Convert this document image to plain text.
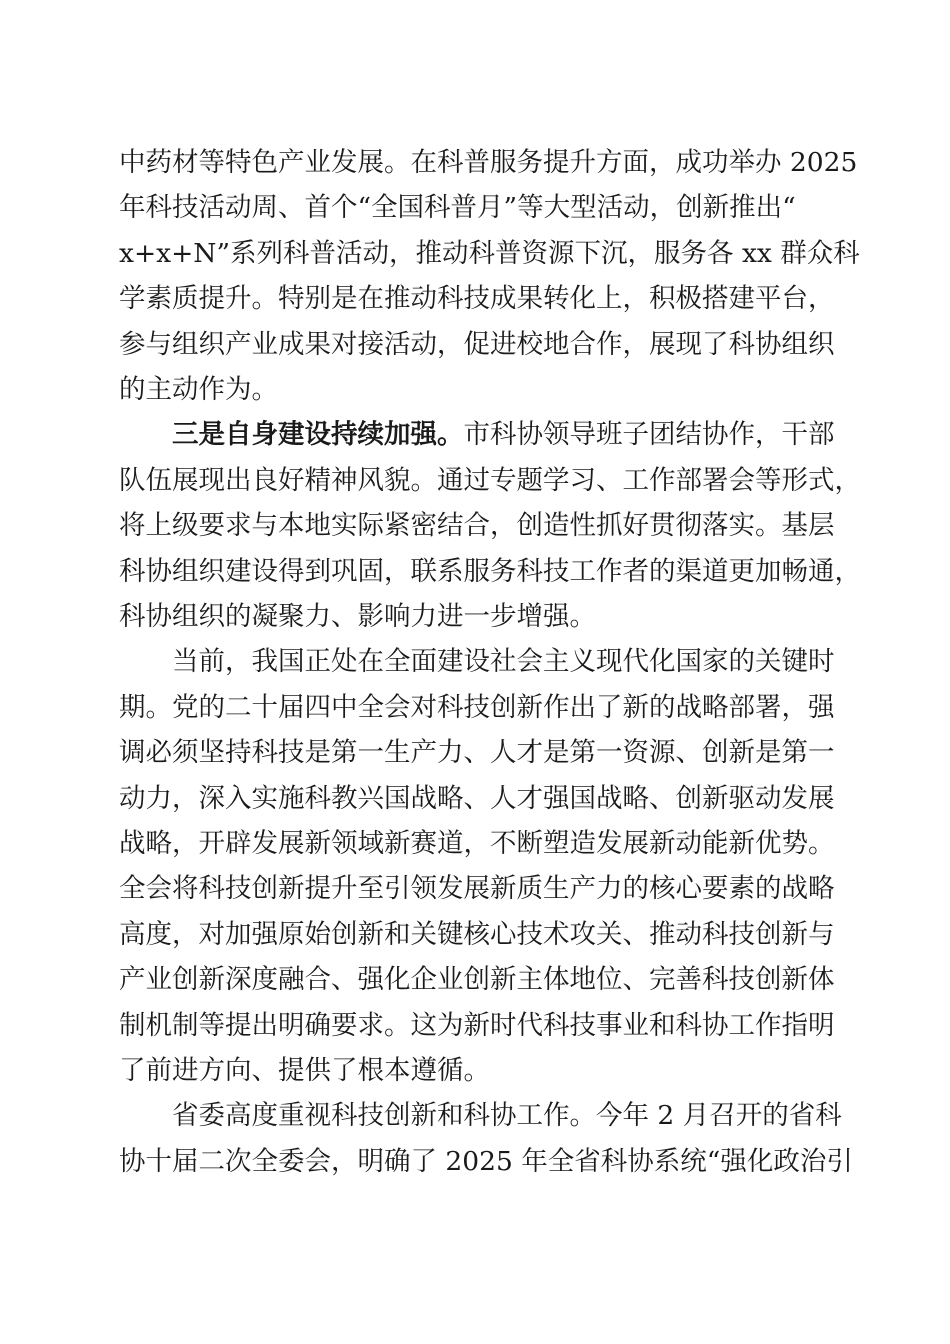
中药材等特色产业发展。在科普服务提升方面，成功举办 2025

年科技活动周、首个“全国科普月”等大型活动，创新推出“

x+x+N”系列科普活动，推动科普资源下沉，服务各 xx 群众科

学素质提升。特别是在推动科技成果转化上，积极搭建平台，

参与组织产业成果对接活动，促进校地合作，展现了科协组织

的主动作为。

三是自身建设持续加强。市科协领导班子团结协作，干部

队伍展现出良好精神风貌。通过专题学习、工作部署会等形式，

将上级要求与本地实际紧密结合，创造性抓好贯彻落实。基层

科协组织建设得到巩固，联系服务科技工作者的渠道更加畅通，

科协组织的凝聚力、影响力进一步增强。

当前，我国正处在全面建设社会主义现代化国家的关键时

期。党的二十届四中全会对科技创新作出了新的战略部署，强

调必须坚持科技是第一生产力、人才是第一资源、创新是第一

动力，深入实施科教兴国战略、人才强国战略、创新驱动发展

战略，开辟发展新领域新赛道，不断塑造发展新动能新优势。

全会将科技创新提升至引领发展新质生产力的核心要素的战略

高度，对加强原始创新和关键核心技术攻关、推动科技创新与

产业创新深度融合、强化企业创新主体地位、完善科技创新体

制机制等提出明确要求。这为新时代科技事业和科协工作指明

了前进方向、提供了根本遵循。

省委高度重视科技创新和科协工作。今年 2 月召开的省科

协十届二次全委会，明确了 2025 年全省科协系统“强化政治引
